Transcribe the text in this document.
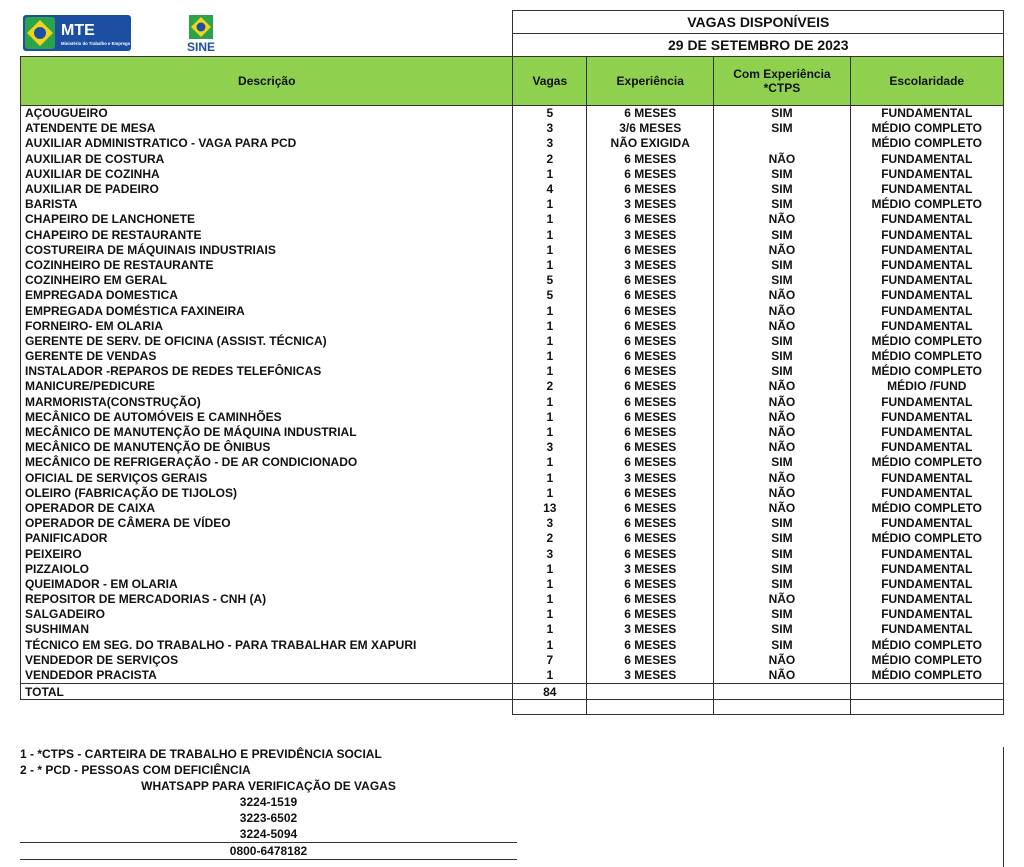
MTE
Ministério do Trabalho e Emprego SINE	VAGAS DISPONÍVEIS			
	29 DE SETEMBRO DE 2023			
Descrição	Vagas	Experiência	Com Experiência *CTPS	Escolaridade
AÇOUGUEIRO	5	6 MESES	SIM	FUNDAMENTAL
ATENDENTE DE MESA	3	3/6 MESES	SIM	MÉDIO COMPLETO
AUXILIAR ADMINISTRATICO - VAGA PARA PCD	3	NÃO EXIGIDA		MÉDIO COMPLETO
AUXILIAR DE COSTURA	2	6 MESES	NÃO	FUNDAMENTAL
AUXILIAR DE COZINHA	1	6 MESES	SIM	FUNDAMENTAL
AUXILIAR DE PADEIRO	4	6 MESES	SIM	FUNDAMENTAL
BARISTA	1	3 MESES	SIM	MÉDIO COMPLETO
CHAPEIRO DE LANCHONETE	1	6 MESES	NÃO	FUNDAMENTAL
CHAPEIRO DE RESTAURANTE	1	3 MESES	SIM	FUNDAMENTAL
COSTUREIRA DE MÁQUINAIS INDUSTRIAIS	1	6 MESES	NÃO	FUNDAMENTAL
COZINHEIRO DE RESTAURANTE	1	3 MESES	SIM	FUNDAMENTAL
COZINHEIRO EM GERAL	5	6 MESES	SIM	FUNDAMENTAL
EMPREGADA DOMESTICA	5	6 MESES	NÃO	FUNDAMENTAL
EMPREGADA DOMÉSTICA FAXINEIRA	1	6 MESES	NÃO	FUNDAMENTAL
FORNEIRO- EM OLARIA	1	6 MESES	NÃO	FUNDAMENTAL
GERENTE DE SERV. DE OFICINA (ASSIST. TÉCNICA)	1	6 MESES	SIM	MÉDIO COMPLETO
GERENTE DE VENDAS	1	6 MESES	SIM	MÉDIO COMPLETO
INSTALADOR -REPAROS DE REDES TELEFÔNICAS	1	6 MESES	SIM	MÉDIO COMPLETO
MANICURE/PEDICURE	2	6 MESES	NÃO	MÉDIO /FUND
MARMORISTA(CONSTRUÇÃO)	1	6 MESES	NÃO	FUNDAMENTAL
MECÂNICO DE AUTOMÓVEIS E CAMINHÕES	1	6 MESES	NÃO	FUNDAMENTAL
MECÂNICO DE MANUTENÇÃO DE MÁQUINA INDUSTRIAL	1	6 MESES	NÃO	FUNDAMENTAL
MECÂNICO DE MANUTENÇÃO DE ÔNIBUS	3	6 MESES	NÃO	FUNDAMENTAL
MECÂNICO DE REFRIGERAÇÃO - DE AR CONDICIONADO	1	6 MESES	SIM	MÉDIO COMPLETO
OFICIAL DE SERVIÇOS GERAIS	1	3 MESES	NÃO	FUNDAMENTAL
OLEIRO (FABRICAÇÃO DE TIJOLOS)	1	6 MESES	NÃO	FUNDAMENTAL
OPERADOR DE CAIXA	13	6 MESES	NÃO	MÉDIO COMPLETO
OPERADOR DE CÂMERA DE VÍDEO	3	6 MESES	SIM	FUNDAMENTAL
PANIFICADOR	2	6 MESES	SIM	MÉDIO COMPLETO
PEIXEIRO	3	6 MESES	SIM	FUNDAMENTAL
PIZZAIOLO	1	3 MESES	SIM	FUNDAMENTAL
QUEIMADOR - EM OLARIA	1	6 MESES	SIM	FUNDAMENTAL
REPOSITOR DE MERCADORIAS - CNH (A)	1	6 MESES	NÃO	FUNDAMENTAL
SALGADEIRO	1	6 MESES	SIM	FUNDAMENTAL
SUSHIMAN	1	3 MESES	SIM	FUNDAMENTAL
TÉCNICO EM SEG. DO TRABALHO - PARA TRABALHAR EM XAPURI	1	6 MESES	SIM	MÉDIO COMPLETO
VENDEDOR DE SERVIÇOS	7	6 MESES	NÃO	MÉDIO COMPLETO
VENDEDOR PRACISTA	1	3 MESES	NÃO	MÉDIO COMPLETO
TOTAL	84			

1 - *CTPS - CARTEIRA DE TRABALHO E PREVIDÊNCIA SOCIAL
2 - * PCD - PESSOAS COM DEFICIÊNCIA
WHATSAPP PARA VERIFICAÇÃO DE VAGAS
3224-1519
3223-6502
3224-5094
0800-6478182
